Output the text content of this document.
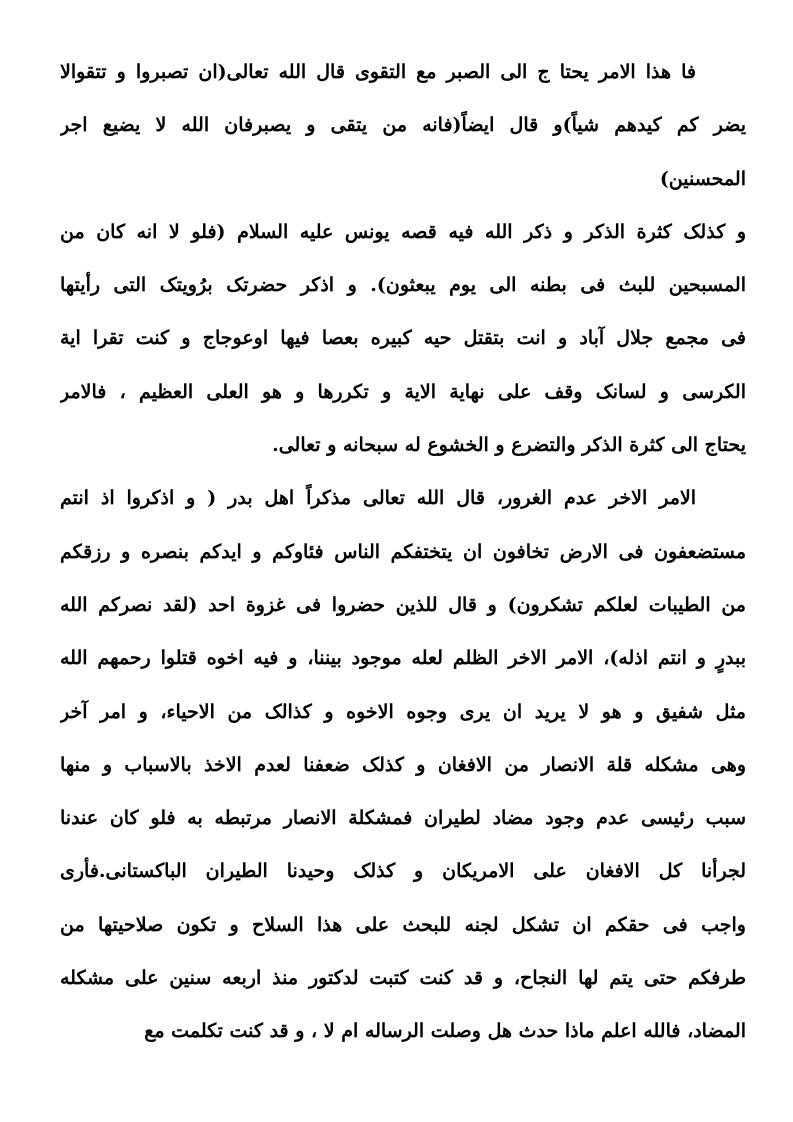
فا هذا الامر يحتا ج الى الصبر مع التقوى قال الله تعالى(ان تصبروا و تتقوالا
يضر كم كيدهم شياً)و قال ايضاً(فانه من يتقى و يصبرفان الله لا يضيع اجر
المحسنين)
و كذلک كثرة الذكر و ذكر الله فيه قصه يونس عليه السلام (فلو لا انه كان من
المسبحين للبث فى بطنه الى يوم يبعثون). و اذكر حضرتک برُويتک التى رأيتها
فى مجمع جلال آباد و انت بتقتل حيه كبيره بعصا فيها اوعوجاج و كنت تقرا اية
الكرسى و لسانک وقف على نهاية الاية و تكررها و هو العلى العظيم ، فالامر
يحتاج الى كثرة الذكر والتضرع و الخشوع له سبحانه و تعالى.
الامر الاخر عدم الغرور، قال الله تعالى مذكراً اهل بدر ( و اذكروا اذ انتم
مستضعفون فى الارض تخافون ان يتختفكم الناس فئاوكم و ايدكم بنصره و رزقكم
من الطيبات لعلكم تشكرون) و قال للذين حضروا فى غزوة احد (لقد نصركم الله
ببدرٍ و انتم اذله)، الامر الاخر الظلم لعله موجود بيننا، و فيه اخوه قتلوا رحمهم الله
مثل شفيق و هو لا يريد ان يرى وجوه الاخوه و كذالک من الاحياء، و امر آخر
وهى مشكله قلة الانصار من الافغان و كذلک ضعفنا لعدم الاخذ بالاسباب و منها
سبب رئيسى عدم وجود مضاد لطيران فمشكلة الانصار مرتبطه به فلو كان عندنا
لجرأنا كل الافغان على الامريكان و كذلک وحيدنا الطيران الباكستانى.فأرى
واجب فى حقكم ان تشكل لجنه للبحث على هذا السلاح و تكون صلاحيتها من
طرفكم حتى يتم لها النجاح، و قد كنت كتبت لدكتور منذ اربعه سنين على مشكله
المضاد، فالله اعلم ماذا حدث هل وصلت الرساله ام لا ، و قد كنت تكلمت مع
